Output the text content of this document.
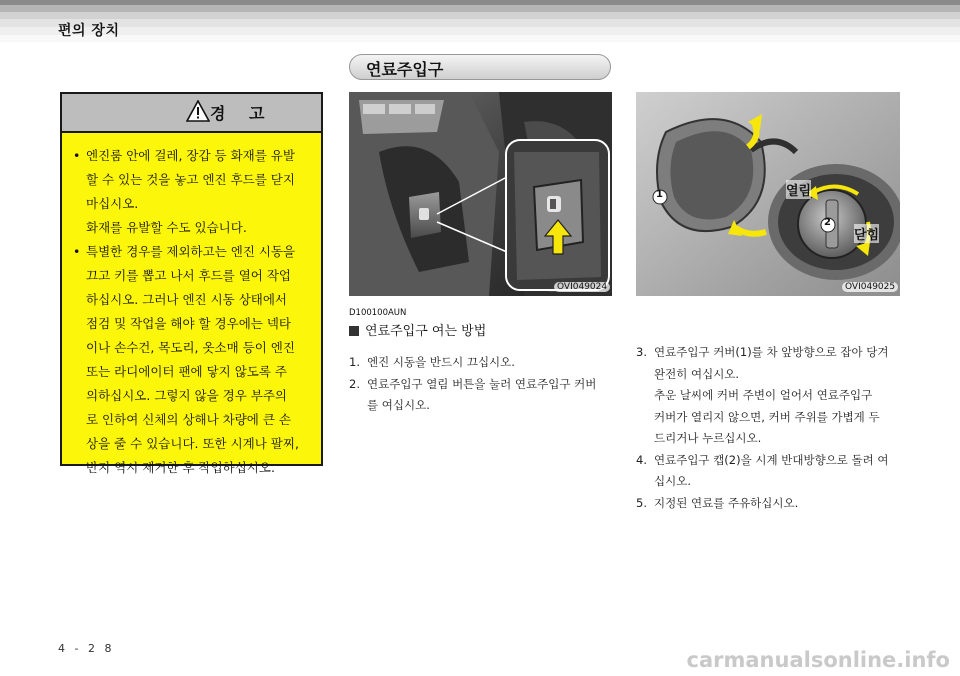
편의 장치
경 고
• 엔진룸 안에 걸레, 장갑 등 화재를 유발
할 수 있는 것을 놓고 엔진 후드를 닫지
마십시오.
화재를 유발할 수도 있습니다.
• 특별한 경우를 제외하고는 엔진 시동을
끄고 키를 뽑고 나서 후드를 열어 작업
하십시오. 그러나 엔진 시동 상태에서
점검 및 작업을 해야 할 경우에는 넥타
이나 손수건, 목도리, 옷소매 등이 엔진
또는 라디에이터 팬에 닿지 않도록 주
의하십시오. 그렇지 않을 경우 부주의
로 인하여 신체의 상해나 차량에 큰 손
상을 줄 수 있습니다. 또한 시계나 팔찌,
반지 역시 제거한 후 작업하십시오.
연료주입구
OVI049024
1
2
열림
닫힘
OVI049025
D100100AUN
연료주입구 여는 방법

1. 엔진 시동을 반드시 끄십시오.

2. 연료주입구 열림 버튼을 눌러 연료주입구 커버

를 여십시오.

3. 연료주입구 커버(1)를 차 앞방향으로 잡아 당겨

완전히 여십시오.

추운 날씨에 커버 주변이 얼어서 연료주입구

커버가 열리지 않으면, 커버 주위를 가볍게 두

드리거나 누르십시오.

4. 연료주입구 캡(2)을 시계 반대방향으로 돌려 여

십시오.

5. 지정된 연료를 주유하십시오.

4 - 2 8	carmanualsonline.info
